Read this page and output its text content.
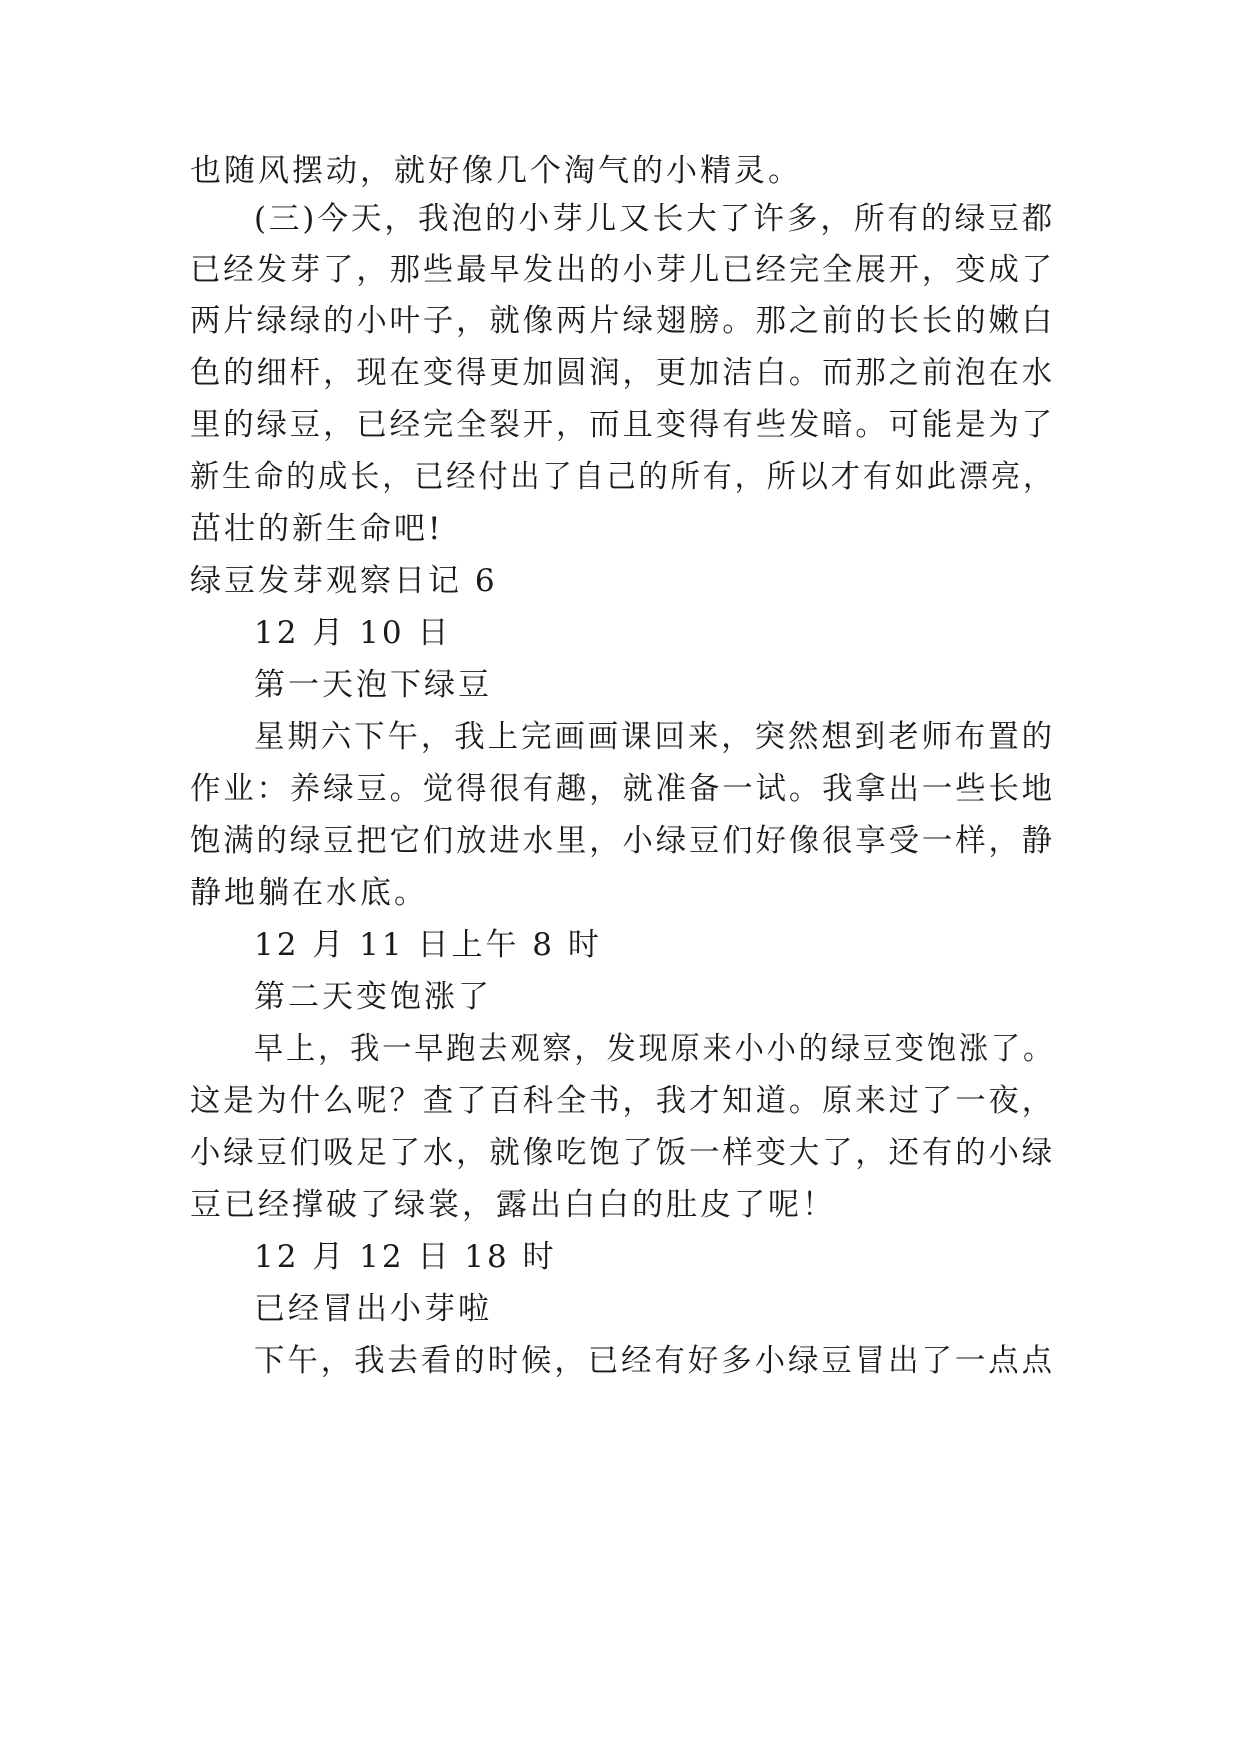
也随风摆动，就好像几个淘气的小精灵。
(三)今天，我泡的小芽儿又长大了许多，所有的绿豆都
已经发芽了，那些最早发出的小芽儿已经完全展开，变成了
两片绿绿的小叶子，就像两片绿翅膀。那之前的长长的嫩白
色的细杆，现在变得更加圆润，更加洁白。而那之前泡在水
里的绿豆，已经完全裂开，而且变得有些发暗。可能是为了
新生命的成长，已经付出了自己的所有，所以才有如此漂亮，
茁壮的新生命吧!
绿豆发芽观察日记 6
12 月 10 日
第一天泡下绿豆
星期六下午，我上完画画课回来，突然想到老师布置的
作业：养绿豆。觉得很有趣，就准备一试。我拿出一些长地
饱满的绿豆把它们放进水里，小绿豆们好像很享受一样，静
静地躺在水底。
12 月 11 日上午 8 时
第二天变饱涨了
早上，我一早跑去观察，发现原来小小的绿豆变饱涨了。
这是为什么呢？查了百科全书，我才知道。原来过了一夜，
小绿豆们吸足了水，就像吃饱了饭一样变大了，还有的小绿
豆已经撑破了绿裳，露出白白的肚皮了呢！
12 月 12 日 18 时
已经冒出小芽啦
下午，我去看的时候，已经有好多小绿豆冒出了一点点
